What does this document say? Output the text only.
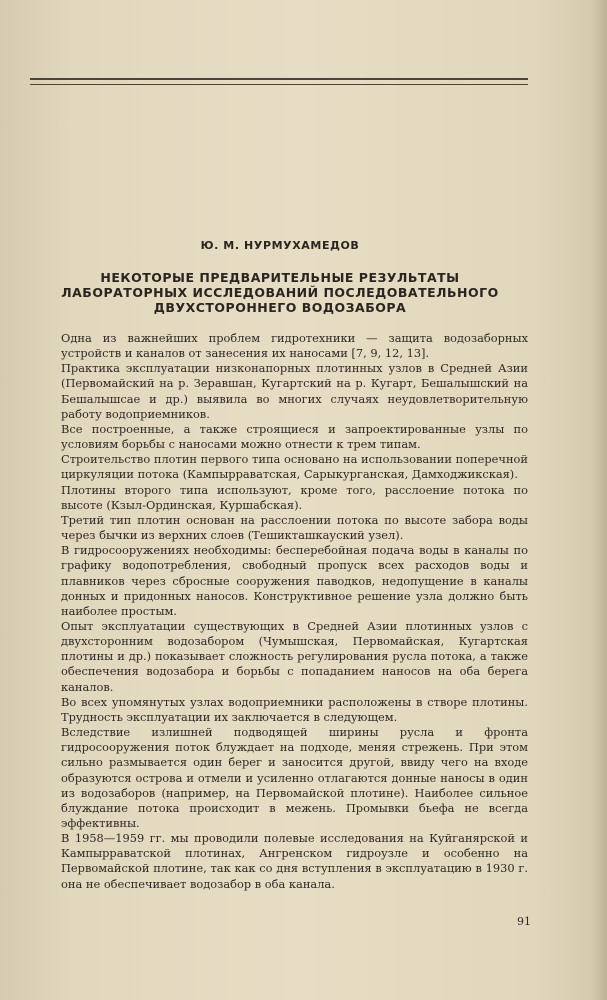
Ю. М. НУРМУХАМЕДОВ
НЕКОТОРЫЕ ПРЕДВАРИТЕЛЬНЫЕ РЕЗУЛЬТАТЫ
ЛАБОРАТОРНЫХ ИССЛЕДОВАНИЙ ПОСЛЕДОВАТЕЛЬНОГО
ДВУХСТОРОННЕГО ВОДОЗАБОРА

Одна из важнейших проблем гидротехники — защита водозаборных устройств и каналов от занесения их наносами [7, 9, 12, 13].

Практика эксплуатации низконапорных плотинных узлов в Средней Азии (Первомайский на р. Зеравшан, Кугартский на р. Кугарт, Бешалышский на Бешалышсае и др.) выявила во многих случаях неудовлетворительную работу водоприемников.

Все построенные, а также строящиеся и запроектированные узлы по условиям борьбы с наносами можно отнести к трем типам.

Строительство плотин первого типа основано на использовании поперечной циркуляции потока (Кампырраватская, Сарыкурганская, Дамходжикская).

Плотины второго типа используют, кроме того, расслоение потока по высоте (Кзыл-Ординская, Куршабская).

Третий тип плотин основан на расслоении потока по высоте забора воды через бычки из верхних слоев (Тешикташкауский узел).

В гидросооружениях необходимы: бесперебойная подача воды в каналы по графику водопотребления, свободный пропуск всех расходов воды и плавников через сбросные сооружения паводков, недопущение в каналы донных и придонных наносов. Конструктивное решение узла должно быть наиболее простым.

Опыт эксплуатации существующих в Средней Азии плотинных узлов с двухсторонним водозабором (Чумышская, Первомайская, Кугартская плотины и др.) показывает сложность регулирования русла потока, а также обеспечения водозабора и борьбы с попаданием наносов на оба берега каналов.

Во всех упомянутых узлах водоприемники расположены в створе плотины. Трудность эксплуатации их заключается в следующем.

Вследствие излишней подводящей ширины русла и фронта гидросооружения поток блуждает на подходе, меняя стрежень. При этом сильно размывается один берег и заносится другой, ввиду чего на входе образуются острова и отмели и усиленно отлагаются донные наносы в один из водозаборов (например, на Первомайской плотине). Наиболее сильное блуждание потока происходит в межень. Промывки бьефа не всегда эффективны.

В 1958—1959 гг. мы проводили полевые исследования на Куйганярской и Кампырраватской плотинах, Ангренском гидроузле и особенно на Первомайской плотине, так как со дня вступления в эксплуатацию в 1930 г. она не обеспечивает водозабор в оба канала.

91
